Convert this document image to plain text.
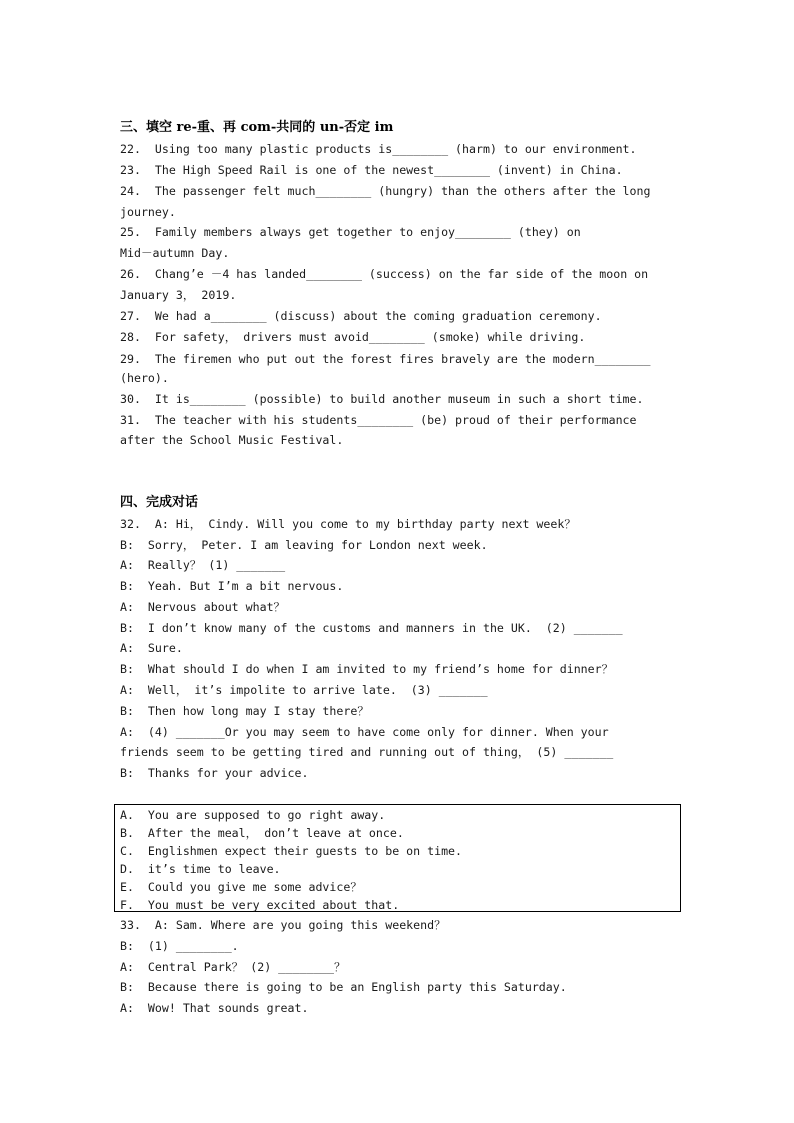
三、填空 re-重、再 com-共同的 un-否定 im
22.  Using too many plastic products is________ (harm) to our environment.
23.  The High Speed Rail is one of the newest________ (invent) in China.
24.  The passenger felt much________ (hungry) than the others after the long
journey.
25.  Family members always get together to enjoy________ (they) on
Mid－autumn Day.
26.  Chang’e －4 has landed________ (success) on the far side of the moon on
January 3， 2019.
27.  We had a________ (discuss) about the coming graduation ceremony.
28.  For safety， drivers must avoid________ (smoke) while driving.
29.  The firemen who put out the forest fires bravely are the modern________
(hero).
30.  It is________ (possible) to build another museum in such a short time.
31.  The teacher with his students________ (be) proud of their performance
after the School Music Festival.
四、完成对话
32.  A: Hi， Cindy. Will you come to my birthday party next week？
B:  Sorry， Peter. I am leaving for London next week.
A:  Really？ (1) _______
B:  Yeah. But I’m a bit nervous.
A:  Nervous about what？
B:  I don’t know many of the customs and manners in the UK.  (2) _______
A:  Sure.
B:  What should I do when I am invited to my friend’s home for dinner？
A:  Well， it’s impolite to arrive late.  (3) _______
B:  Then how long may I stay there？
A:  (4) _______Or you may seem to have come only for dinner. When your
friends seem to be getting tired and running out of thing， (5) _______
B:  Thanks for your advice.
A.  You are supposed to go right away.
B.  After the meal， don’t leave at once.
C.  Englishmen expect their guests to be on time.
D.  it’s time to leave.
E.  Could you give me some advice？
F.  You must be very excited about that.
33.  A: Sam. Where are you going this weekend？
B:  (1) ________.
A:  Central Park？ (2) ________？
B:  Because there is going to be an English party this Saturday.
A:  Wow! That sounds great.
